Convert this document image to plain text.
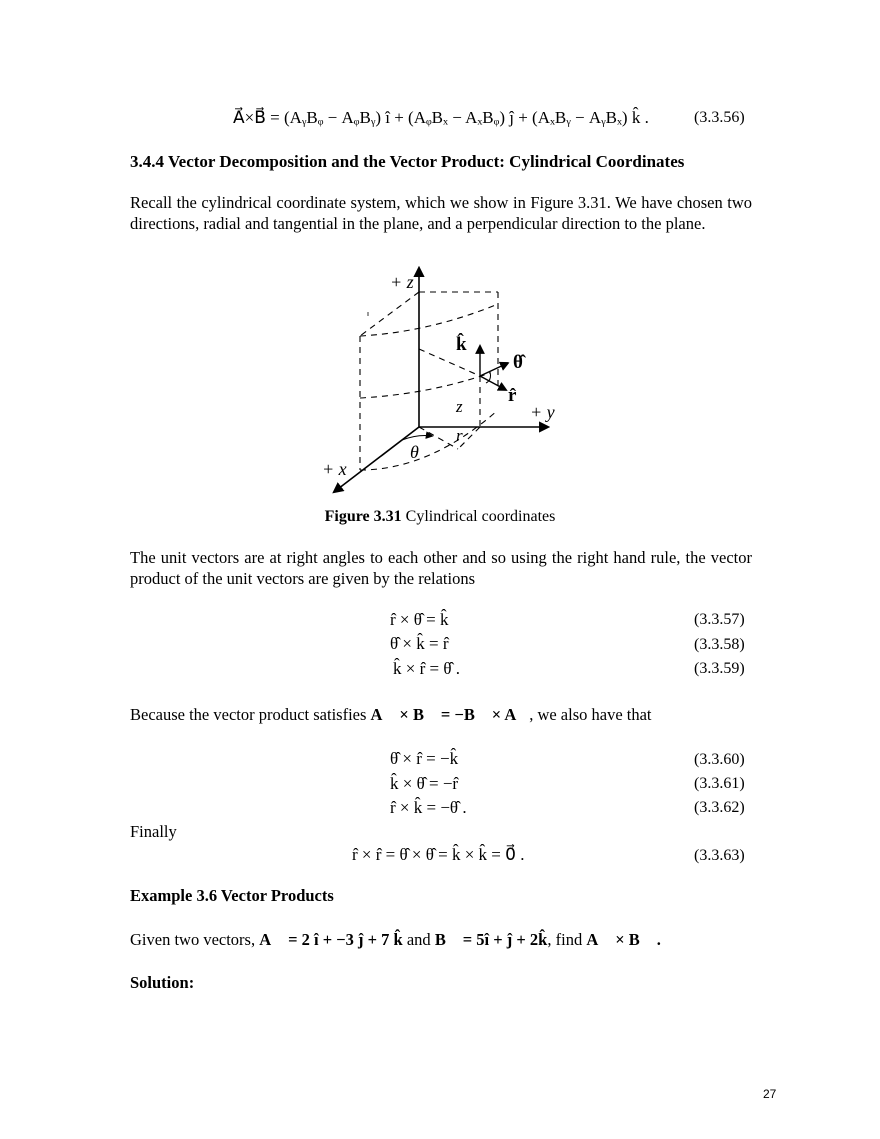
A⃗×B⃗ = (AᵧBᵩ − AᵩBᵧ) î + (AᵩBₓ − AₓBᵩ) ĵ + (AₓBᵧ − AᵧBₓ) k̂ .	(3.3.56)
3.4.4 Vector Decomposition and the Vector Product: Cylindrical Coordinates
Recall the cylindrical coordinate system, which we show in Figure 3.31. We have chosen two directions, radial and tangential in the plane, and a perpendicular direction to the plane.
+ z
+ y
+ x
k̂
θ̂
r̂
z
r
θ
Figure 3.31 Cylindrical coordinates
The unit vectors are at right angles to each other and so using the right hand rule, the vector product of the unit vectors are given by the relations
r̂ × θ̂ = k̂	(3.3.57)
θ̂ × k̂ = r̂	(3.3.58)
k̂ × r̂ = θ̂ .	(3.3.59)
Because the vector product satisfies A⃗ × B⃗ = −B⃗ × A⃗, we also have that
θ̂ × r̂ = −k̂	(3.3.60)
k̂ × θ̂ = −r̂	(3.3.61)
r̂ × k̂ = −θ̂ .	(3.3.62)
Finally
r̂ × r̂ = θ̂ × θ̂ = k̂ × k̂ = 0⃗ .	(3.3.63)
Example 3.6 Vector Products
Given two vectors, A⃗ = 2 î + −3 ĵ + 7 k̂ and B⃗ = 5î + ĵ + 2k̂, find A⃗ × B⃗ .
Solution:
27
